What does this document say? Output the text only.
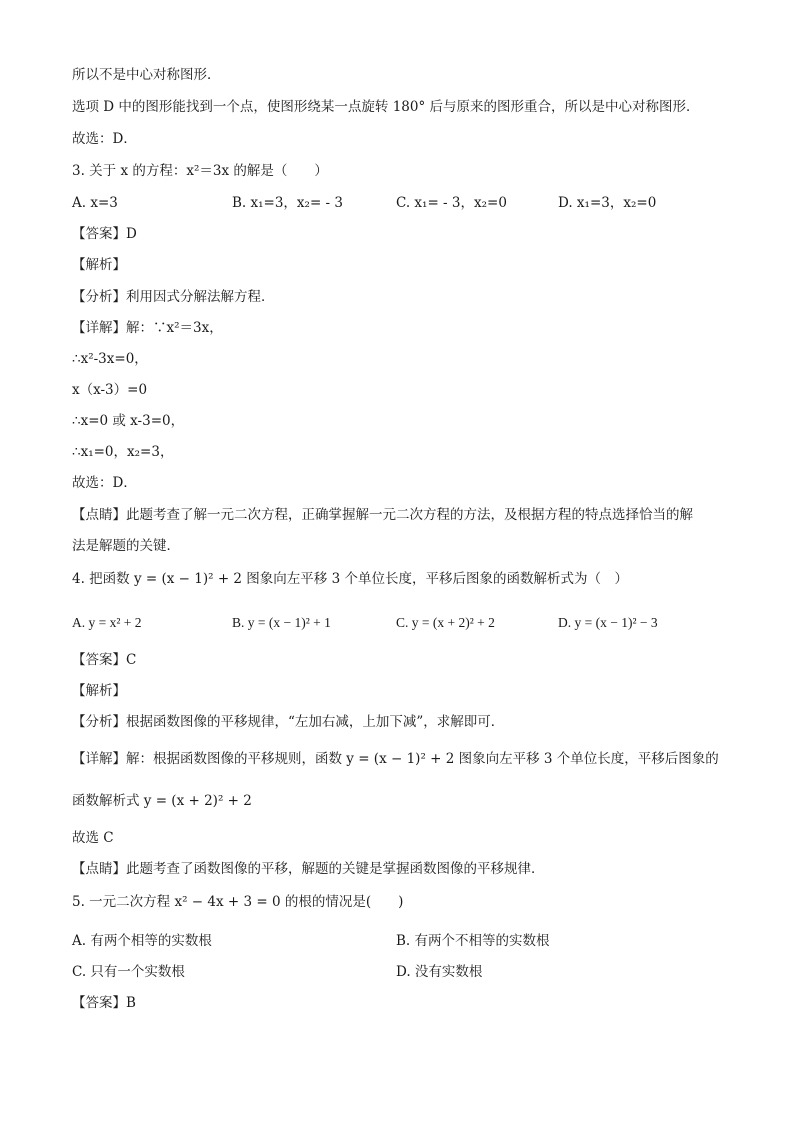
所以不是中心对称图形．
选项 D 中的图形能找到一个点，使图形绕某一点旋转 180° 后与原来的图形重合，所以是中心对称图形．
故选：D．
3. 关于 x 的方程：x²＝3x 的解是（　　）
A. x=3	B. x₁=3，x₂= - 3	C. x₁= - 3，x₂=0	D. x₁=3，x₂=0
【答案】D
【解析】
【分析】利用因式分解法解方程．
【详解】解：∵x²＝3x，
∴x²-3x=0，
x（x-3）=0
∴x=0 或 x-3=0，
∴x₁=0，x₂=3，
故选：D．
【点睛】此题考查了解一元二次方程，正确掌握解一元二次方程的方法，及根据方程的特点选择恰当的解
法是解题的关键．
4. 把函数 y = (x − 1)² + 2 图象向左平移 3 个单位长度，平移后图象的函数解析式为（　）
A. y = x² + 2	B. y = (x − 1)² + 1	C. y = (x + 2)² + 2	D. y = (x − 1)² − 3
【答案】C
【解析】
【分析】根据函数图像的平移规律，“左加右减，上加下减”，求解即可．
【详解】解：根据函数图像的平移规则，函数 y = (x − 1)² + 2 图象向左平移 3 个单位长度，平移后图象的
函数解析式 y = (x + 2)² + 2
故选 C
【点睛】此题考查了函数图像的平移，解题的关键是掌握函数图像的平移规律．
5. 一元二次方程 x² − 4x + 3 = 0 的根的情况是(　　)
A. 有两个相等的实数根	B. 有两个不相等的实数根
C. 只有一个实数根	D. 没有实数根
【答案】B
